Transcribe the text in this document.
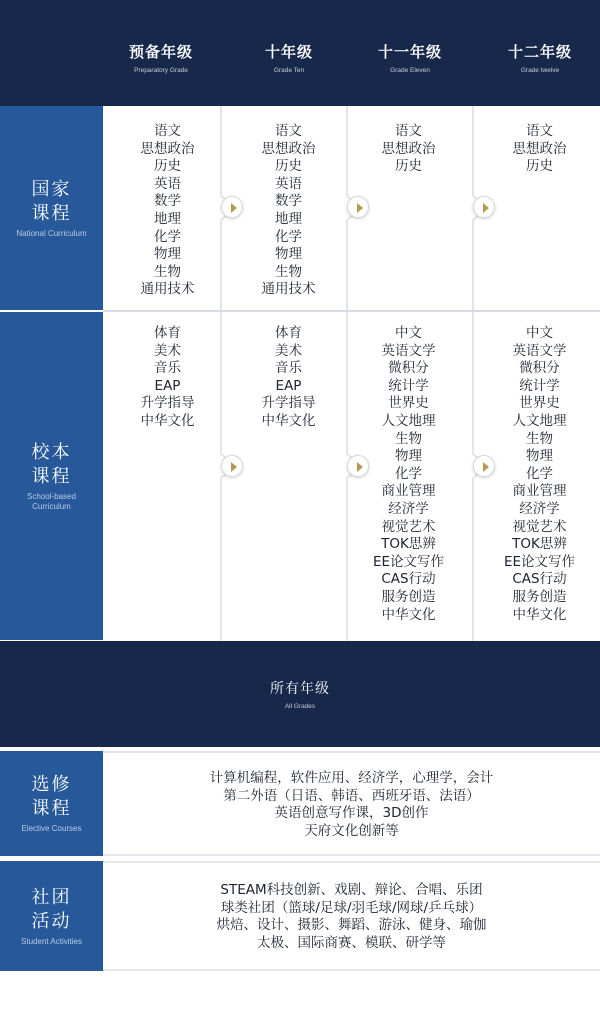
预备年级
Preparatory Grade
十年级
Grade Ten
十一年级
Grade Eleven
十二年级
Grade twelve
国家
课程
National Curriculum
校本
课程
School-based Curriculum
语文
思想政治
历史
英语
数学
地理
化学
物理
生物
通用技术
语文
思想政治
历史
英语
数学
地理
化学
物理
生物
通用技术
语文
思想政治
历史
语文
思想政治
历史
体育
美术
音乐
EAP
升学指导
中华文化
体育
美术
音乐
EAP
升学指导
中华文化
中文
英语文学
微积分
统计学
世界史
人文地理
生物
物理
化学
商业管理
经济学
视觉艺术
TOK思辨
EE论文写作
CAS行动
服务创造
中华文化
中文
英语文学
微积分
统计学
世界史
人文地理
生物
物理
化学
商业管理
经济学
视觉艺术
TOK思辨
EE论文写作
CAS行动
服务创造
中华文化
所有年级
All Grades
选修
课程
Elective Courses
计算机编程，软件应用、经济学，心理学，会计
第二外语（日语、韩语、西班牙语、法语）
英语创意写作课，3D创作
天府文化创新等
社团
活动
Student Activities
STEAM科技创新、戏剧、辩论、合唱、乐团
球类社团（篮球/足球/羽毛球/网球/乒乓球）
烘焙、设计、摄影、舞蹈、游泳、健身、瑜伽
太极、国际商赛、模联、研学等
